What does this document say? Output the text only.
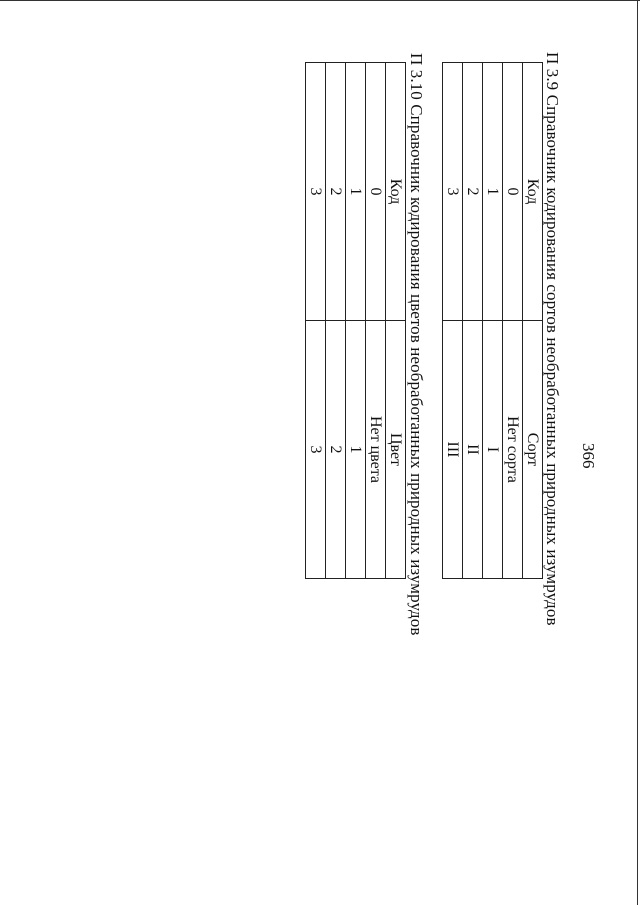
366
П 3.9 Справочник кодирования сортов необработанных природных изумрудов
Код	Сорт
0	Нет сорта
1	I
2	II
3	III
П 3.10 Справочник кодирования цветов необработанных природных изумрудов
Код	Цвет
0	Нет цвета
1	1
2	2
3	3
